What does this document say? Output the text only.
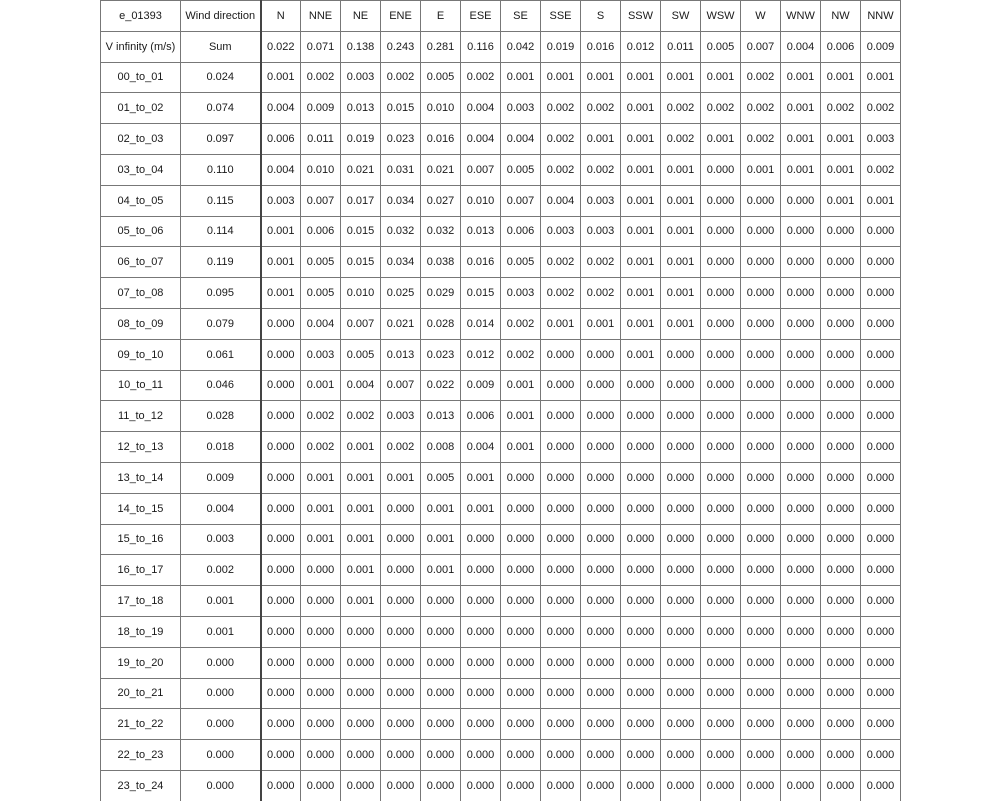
e_01393	Wind direction	N	NNE	NE	ENE	E	ESE	SE	SSE	S	SSW	SW	WSW	W	WNW	NW	NNW
V infinity (m/s)	Sum	0.022	0.071	0.138	0.243	0.281	0.116	0.042	0.019	0.016	0.012	0.011	0.005	0.007	0.004	0.006	0.009
00_to_01	0.024	0.001	0.002	0.003	0.002	0.005	0.002	0.001	0.001	0.001	0.001	0.001	0.001	0.002	0.001	0.001	0.001
01_to_02	0.074	0.004	0.009	0.013	0.015	0.010	0.004	0.003	0.002	0.002	0.001	0.002	0.002	0.002	0.001	0.002	0.002
02_to_03	0.097	0.006	0.011	0.019	0.023	0.016	0.004	0.004	0.002	0.001	0.001	0.002	0.001	0.002	0.001	0.001	0.003
03_to_04	0.110	0.004	0.010	0.021	0.031	0.021	0.007	0.005	0.002	0.002	0.001	0.001	0.000	0.001	0.001	0.001	0.002
04_to_05	0.115	0.003	0.007	0.017	0.034	0.027	0.010	0.007	0.004	0.003	0.001	0.001	0.000	0.000	0.000	0.001	0.001
05_to_06	0.114	0.001	0.006	0.015	0.032	0.032	0.013	0.006	0.003	0.003	0.001	0.001	0.000	0.000	0.000	0.000	0.000
06_to_07	0.119	0.001	0.005	0.015	0.034	0.038	0.016	0.005	0.002	0.002	0.001	0.001	0.000	0.000	0.000	0.000	0.000
07_to_08	0.095	0.001	0.005	0.010	0.025	0.029	0.015	0.003	0.002	0.002	0.001	0.001	0.000	0.000	0.000	0.000	0.000
08_to_09	0.079	0.000	0.004	0.007	0.021	0.028	0.014	0.002	0.001	0.001	0.001	0.001	0.000	0.000	0.000	0.000	0.000
09_to_10	0.061	0.000	0.003	0.005	0.013	0.023	0.012	0.002	0.000	0.000	0.001	0.000	0.000	0.000	0.000	0.000	0.000
10_to_11	0.046	0.000	0.001	0.004	0.007	0.022	0.009	0.001	0.000	0.000	0.000	0.000	0.000	0.000	0.000	0.000	0.000
11_to_12	0.028	0.000	0.002	0.002	0.003	0.013	0.006	0.001	0.000	0.000	0.000	0.000	0.000	0.000	0.000	0.000	0.000
12_to_13	0.018	0.000	0.002	0.001	0.002	0.008	0.004	0.001	0.000	0.000	0.000	0.000	0.000	0.000	0.000	0.000	0.000
13_to_14	0.009	0.000	0.001	0.001	0.001	0.005	0.001	0.000	0.000	0.000	0.000	0.000	0.000	0.000	0.000	0.000	0.000
14_to_15	0.004	0.000	0.001	0.001	0.000	0.001	0.001	0.000	0.000	0.000	0.000	0.000	0.000	0.000	0.000	0.000	0.000
15_to_16	0.003	0.000	0.001	0.001	0.000	0.001	0.000	0.000	0.000	0.000	0.000	0.000	0.000	0.000	0.000	0.000	0.000
16_to_17	0.002	0.000	0.000	0.001	0.000	0.001	0.000	0.000	0.000	0.000	0.000	0.000	0.000	0.000	0.000	0.000	0.000
17_to_18	0.001	0.000	0.000	0.001	0.000	0.000	0.000	0.000	0.000	0.000	0.000	0.000	0.000	0.000	0.000	0.000	0.000
18_to_19	0.001	0.000	0.000	0.000	0.000	0.000	0.000	0.000	0.000	0.000	0.000	0.000	0.000	0.000	0.000	0.000	0.000
19_to_20	0.000	0.000	0.000	0.000	0.000	0.000	0.000	0.000	0.000	0.000	0.000	0.000	0.000	0.000	0.000	0.000	0.000
20_to_21	0.000	0.000	0.000	0.000	0.000	0.000	0.000	0.000	0.000	0.000	0.000	0.000	0.000	0.000	0.000	0.000	0.000
21_to_22	0.000	0.000	0.000	0.000	0.000	0.000	0.000	0.000	0.000	0.000	0.000	0.000	0.000	0.000	0.000	0.000	0.000
22_to_23	0.000	0.000	0.000	0.000	0.000	0.000	0.000	0.000	0.000	0.000	0.000	0.000	0.000	0.000	0.000	0.000	0.000
23_to_24	0.000	0.000	0.000	0.000	0.000	0.000	0.000	0.000	0.000	0.000	0.000	0.000	0.000	0.000	0.000	0.000	0.000
